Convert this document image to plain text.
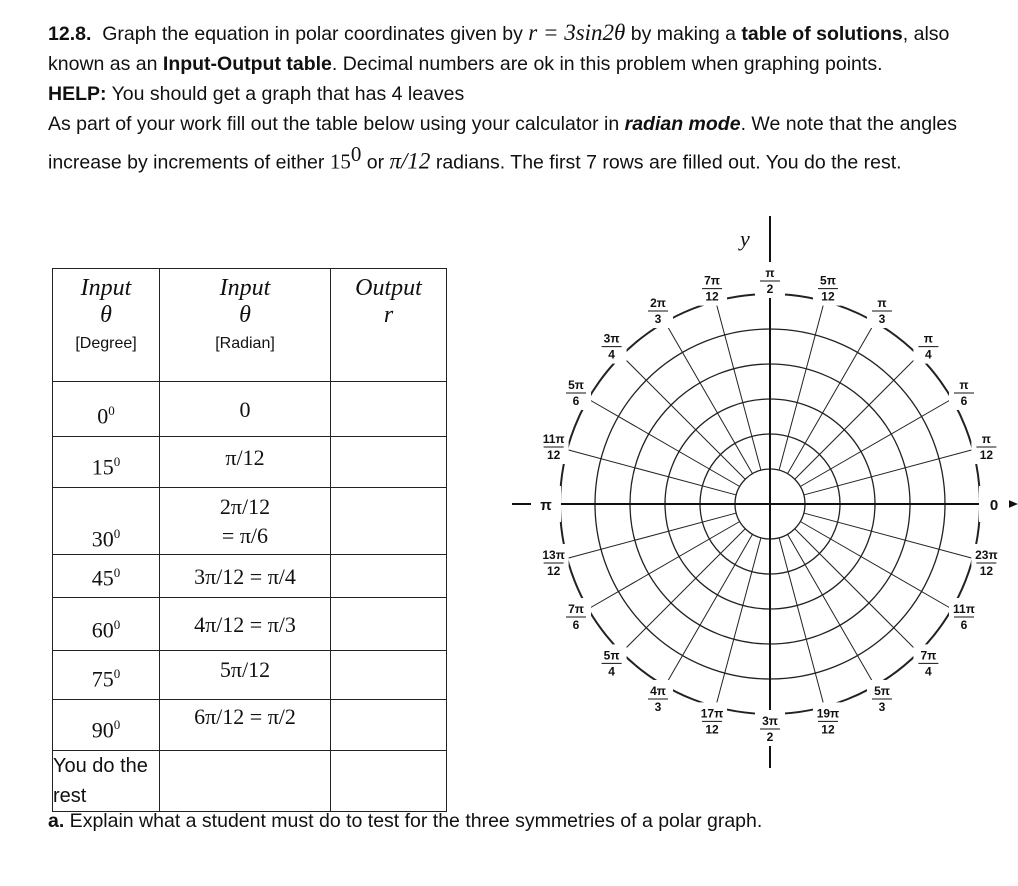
12.8. Graph the equation in polar coordinates given by r = 3sin2θ by making a table of solutions, also known as an Input-Output table. Decimal numbers are ok in this problem when graphing points.

HELP: You should get a graph that has 4 leaves

As part of your work fill out the table below using your calculator in radian mode. We note that the angles increase by increments of either $15^0$ or π/12 radians. The first 7 rows are filled out. You do the rest.

Input
θ
[Degree]	Input
θ
[Radian]	Output
r

$0^0$	0	
$15^0$	π/12	
$30^0$	2π/12
= π/6	
$45^0$	3π/12 = π/4	
$60^0$	4π/12 = π/3	
$75^0$	5π/12	
$90^0$	6π/12 = π/2	
You do the rest		
0
π
12
π
6
π
4
π
3
5π
12
π
2
7π
12
2π
3
3π
4
5π
6
11π
12
π
13π
12
7π
6
5π
4
4π
3	17π
12
3π
2
19π
12
5π
3
7π
4
11π
6
23π
12
y
a. Explain what a student must do to test for the three symmetries of a polar graph.
